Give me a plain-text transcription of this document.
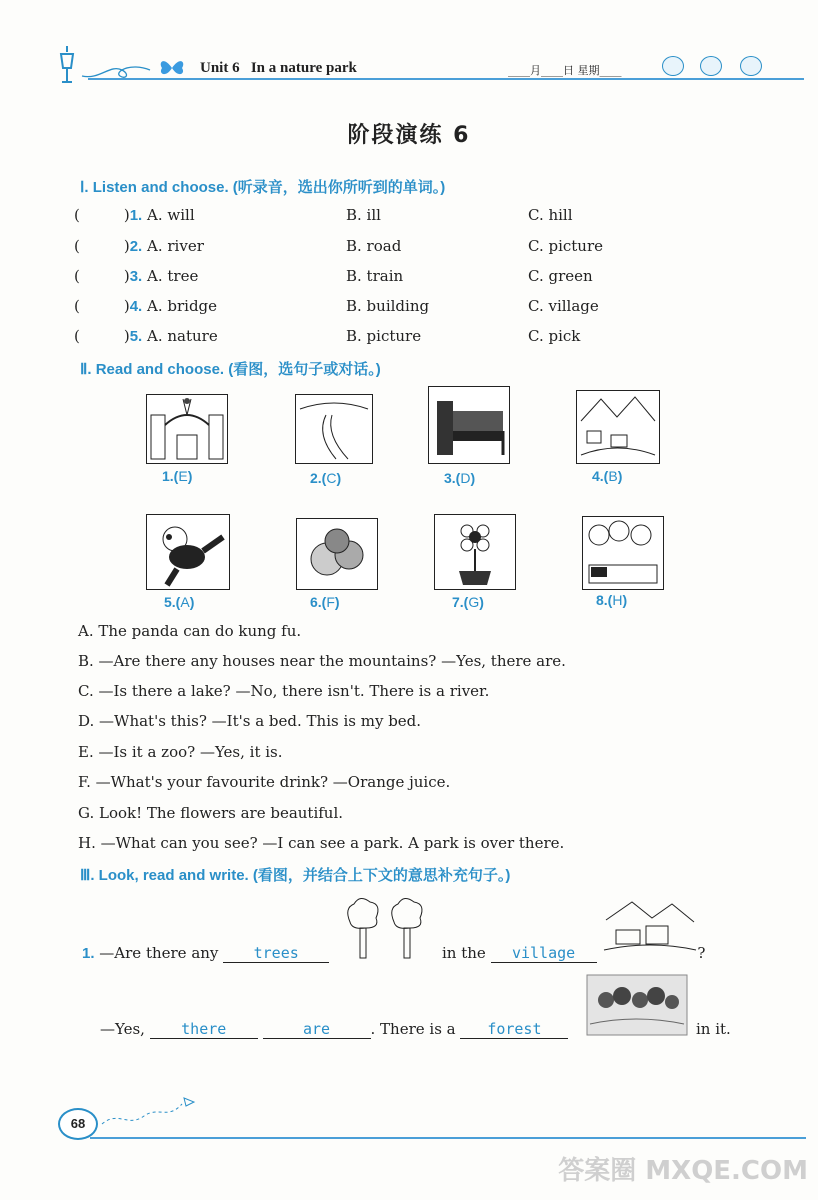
Unit 6 In a nature park	____月____日 星期____
阶段演练 6
Ⅰ. Listen and choose. (听录音，选出你所听到的单词。)
(	)1. A. will	B. ill	C. hill
(	)2. A. river	B. road	C. picture
(	)3. A. tree	B. train	C. green
(	)4. A. bridge	B. building	C. village
(	)5. A. nature	B. picture	C. pick
Ⅱ. Read and choose. (看图，选句子或对话。)
1.(E)	2.(C)	3.(D)	4.(B)
5.(A)	6.(F)	7.(G)	8.(H)
A. The panda can do kung fu.
B. —Are there any houses near the mountains? —Yes, there are.
C. —Is there a lake? —No, there isn't. There is a river.
D. —What's this? —It's a bed. This is my bed.
E. —Is it a zoo? —Yes, it is.
F. —What's your favourite drink? —Orange juice.
G. Look! The flowers are beautiful.
H. —What can you see? —I can see a park. A park is over there.
Ⅲ. Look, read and write. (看图，并结合上下文的意思补充句子。)
1. —Are there any trees	in the village	?
—Yes, there	are	. There is a forest	in it.
68
答案圈 MXQE.COM
